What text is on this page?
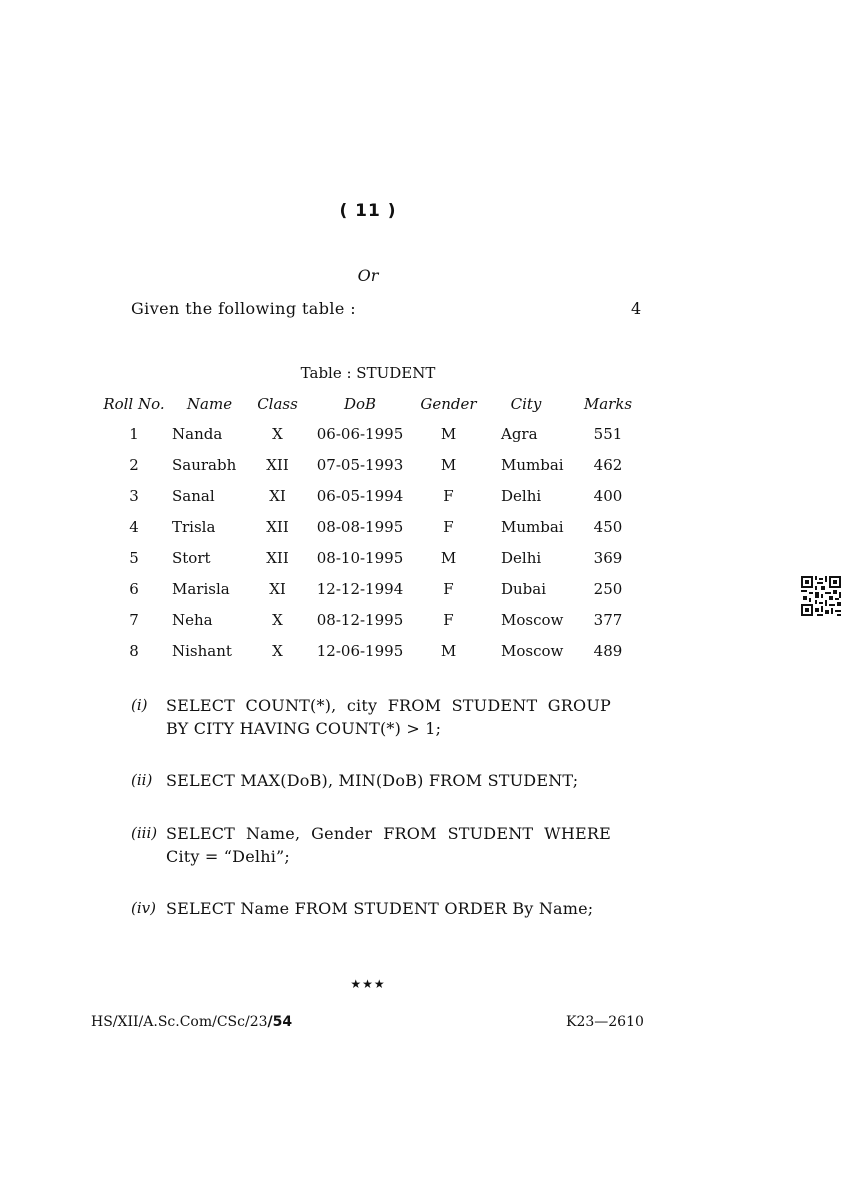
( 11 )
Or
Given the following table :	4
Table : STUDENT
Roll No.	Name	Class	DoB	Gender	City	Marks
1	Nanda	X	06-06-1995	M	Agra	551
2	Saurabh	XII	07-05-1993	M	Mumbai	462
3	Sanal	XI	06-05-1994	F	Delhi	400
4	Trisla	XII	08-08-1995	F	Mumbai	450
5	Stort	XII	08-10-1995	M	Delhi	369
6	Marisla	XI	12-12-1994	F	Dubai	250
7	Neha	X	08-12-1995	F	Moscow	377
8	Nishant	X	12-06-1995	M	Moscow	489
(i) SELECT COUNT(*), city FROM STUDENT GROUP BY CITY HAVING COUNT(*) > 1;
(ii) SELECT MAX(DoB), MIN(DoB) FROM STUDENT;
(iii) SELECT Name, Gender FROM STUDENT WHERE City = “Delhi”;
(iv) SELECT Name FROM STUDENT ORDER By Name;
★★★
HS/XII/A.Sc.Com/CSc/23/54	K23—2610
